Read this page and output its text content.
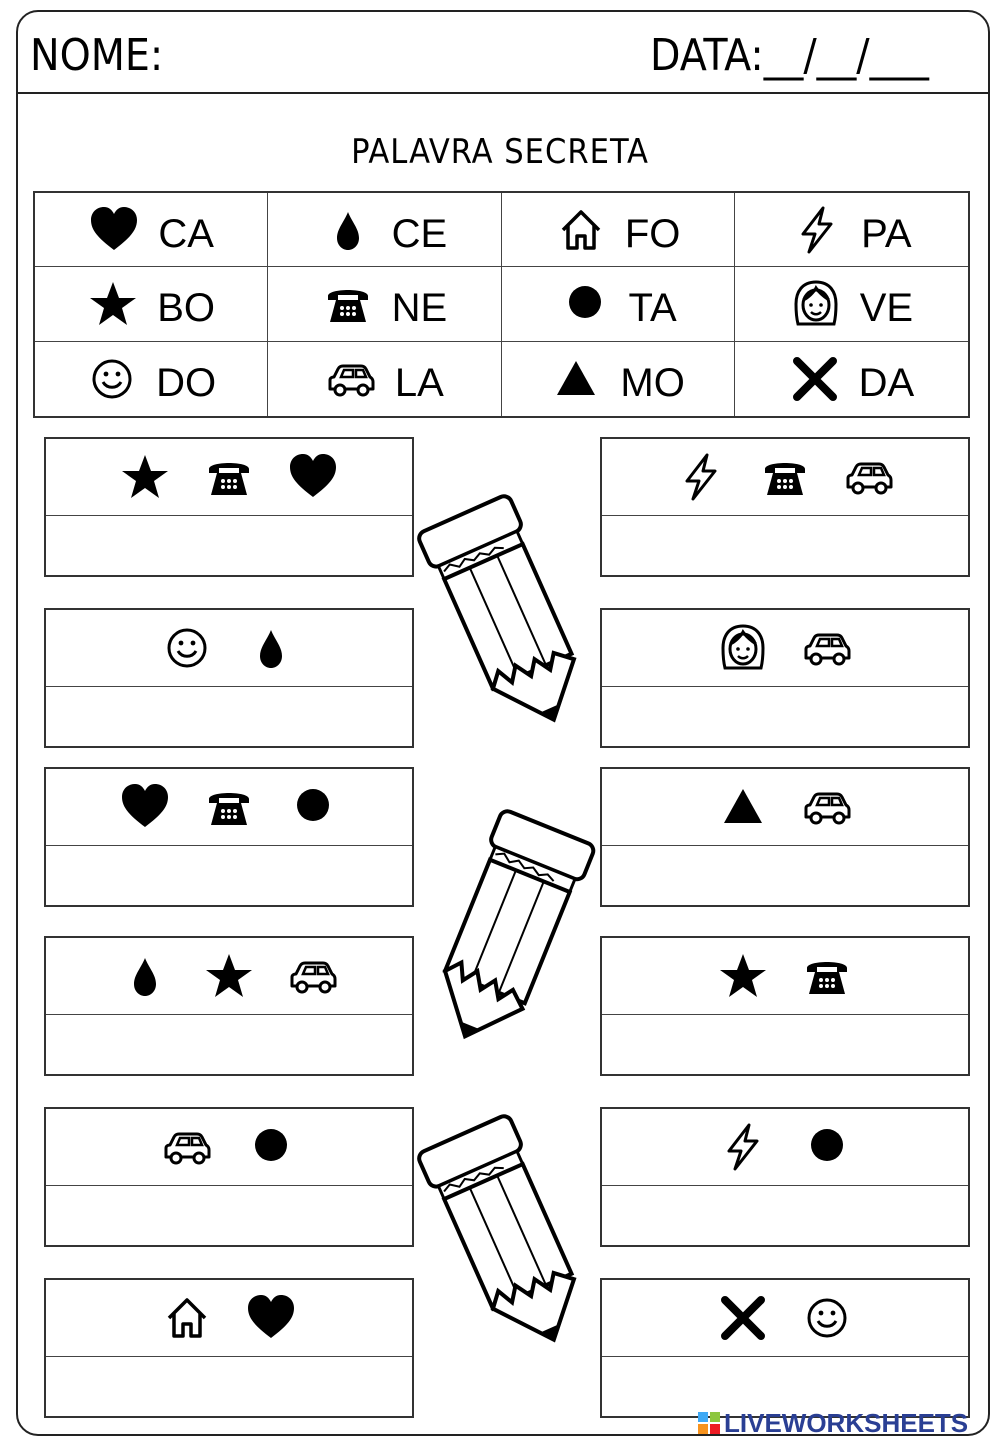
NOME:	DATA:__/__/___
PALAVRA SECRETA
CA	CE	FO	PA
BO	NE	TA	VE
DO	LA	MO	DA
LIVEWORKSHEETS
